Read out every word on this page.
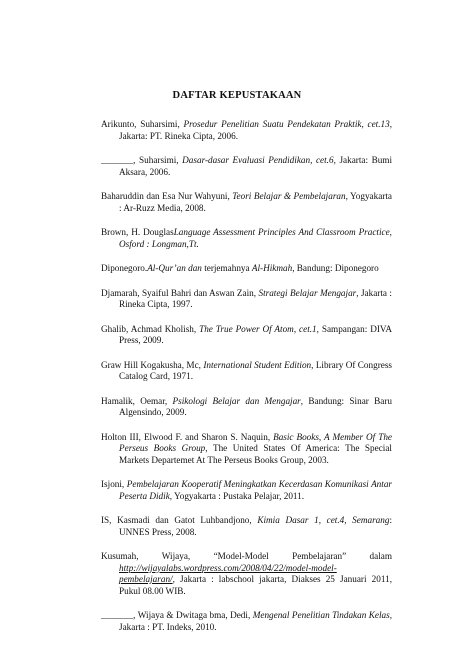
DAFTAR KEPUSTAKAAN

Arikunto, Suharsimi, Prosedur Penelitian Suatu Pendekatan Praktik, cet.13, Jakarta: PT. Rineka Cipta, 2006.

_______, Suharsimi, Dasar-dasar Evaluasi Pendidikan, cet.6, Jakarta: Bumi Aksara, 2006.

Baharuddin dan Esa Nur Wahyuni, Teori Belajar & Pembelajaran, Yogyakarta : Ar-Ruzz Media, 2008.

Brown, H. DouglasLanguage Assessment Principles And Classroom Practice, Osford : Longman,Tt.

Diponegoro.Al-Qur’an dan terjemahnya Al-Hikmah, Bandung: Diponegoro

Djamarah, Syaiful Bahri dan Aswan Zain, Strategi Belajar Mengajar, Jakarta : Rineka Cipta, 1997.

Ghalib, Achmad Kholish, The True Power Of Atom, cet.1, Sampangan: DIVA Press, 2009.

Graw Hill Kogakusha, Mc, International Student Edition, Library Of Congress Catalog Card, 1971.

Hamalik, Oemar, Psikologi Belajar dan Mengajar, Bandung: Sinar Baru Algensindo, 2009.

Holton III, Elwood F. and Sharon S. Naquin, Basic Books, A Member Of The Perseus Books Group, The United States Of America: The Special Markets Departemet At The Perseus Books Group, 2003.

Isjoni, Pembelajaran Kooperatif Meningkatkan Kecerdasan Komunikasi Antar Peserta Didik, Yogyakarta : Pustaka Pelajar, 2011.

IS, Kasmadi dan Gatot Luhbandjono, Kimia Dasar 1, cet.4, Semarang: UNNES Press, 2008.

Kusumah, Wijaya, “Model-Model Pembelajaran” dalam http://wijayalabs.wordpress.com/2008/04/22/model-model-pembelajaran/, Jakarta : labschool jakarta, Diakses 25 Januari 2011, Pukul 08.00 WIB.

_______, Wijaya & Dwitaga bma, Dedi, Mengenal Penelitian Tindakan Kelas, Jakarta : PT. Indeks, 2010.
